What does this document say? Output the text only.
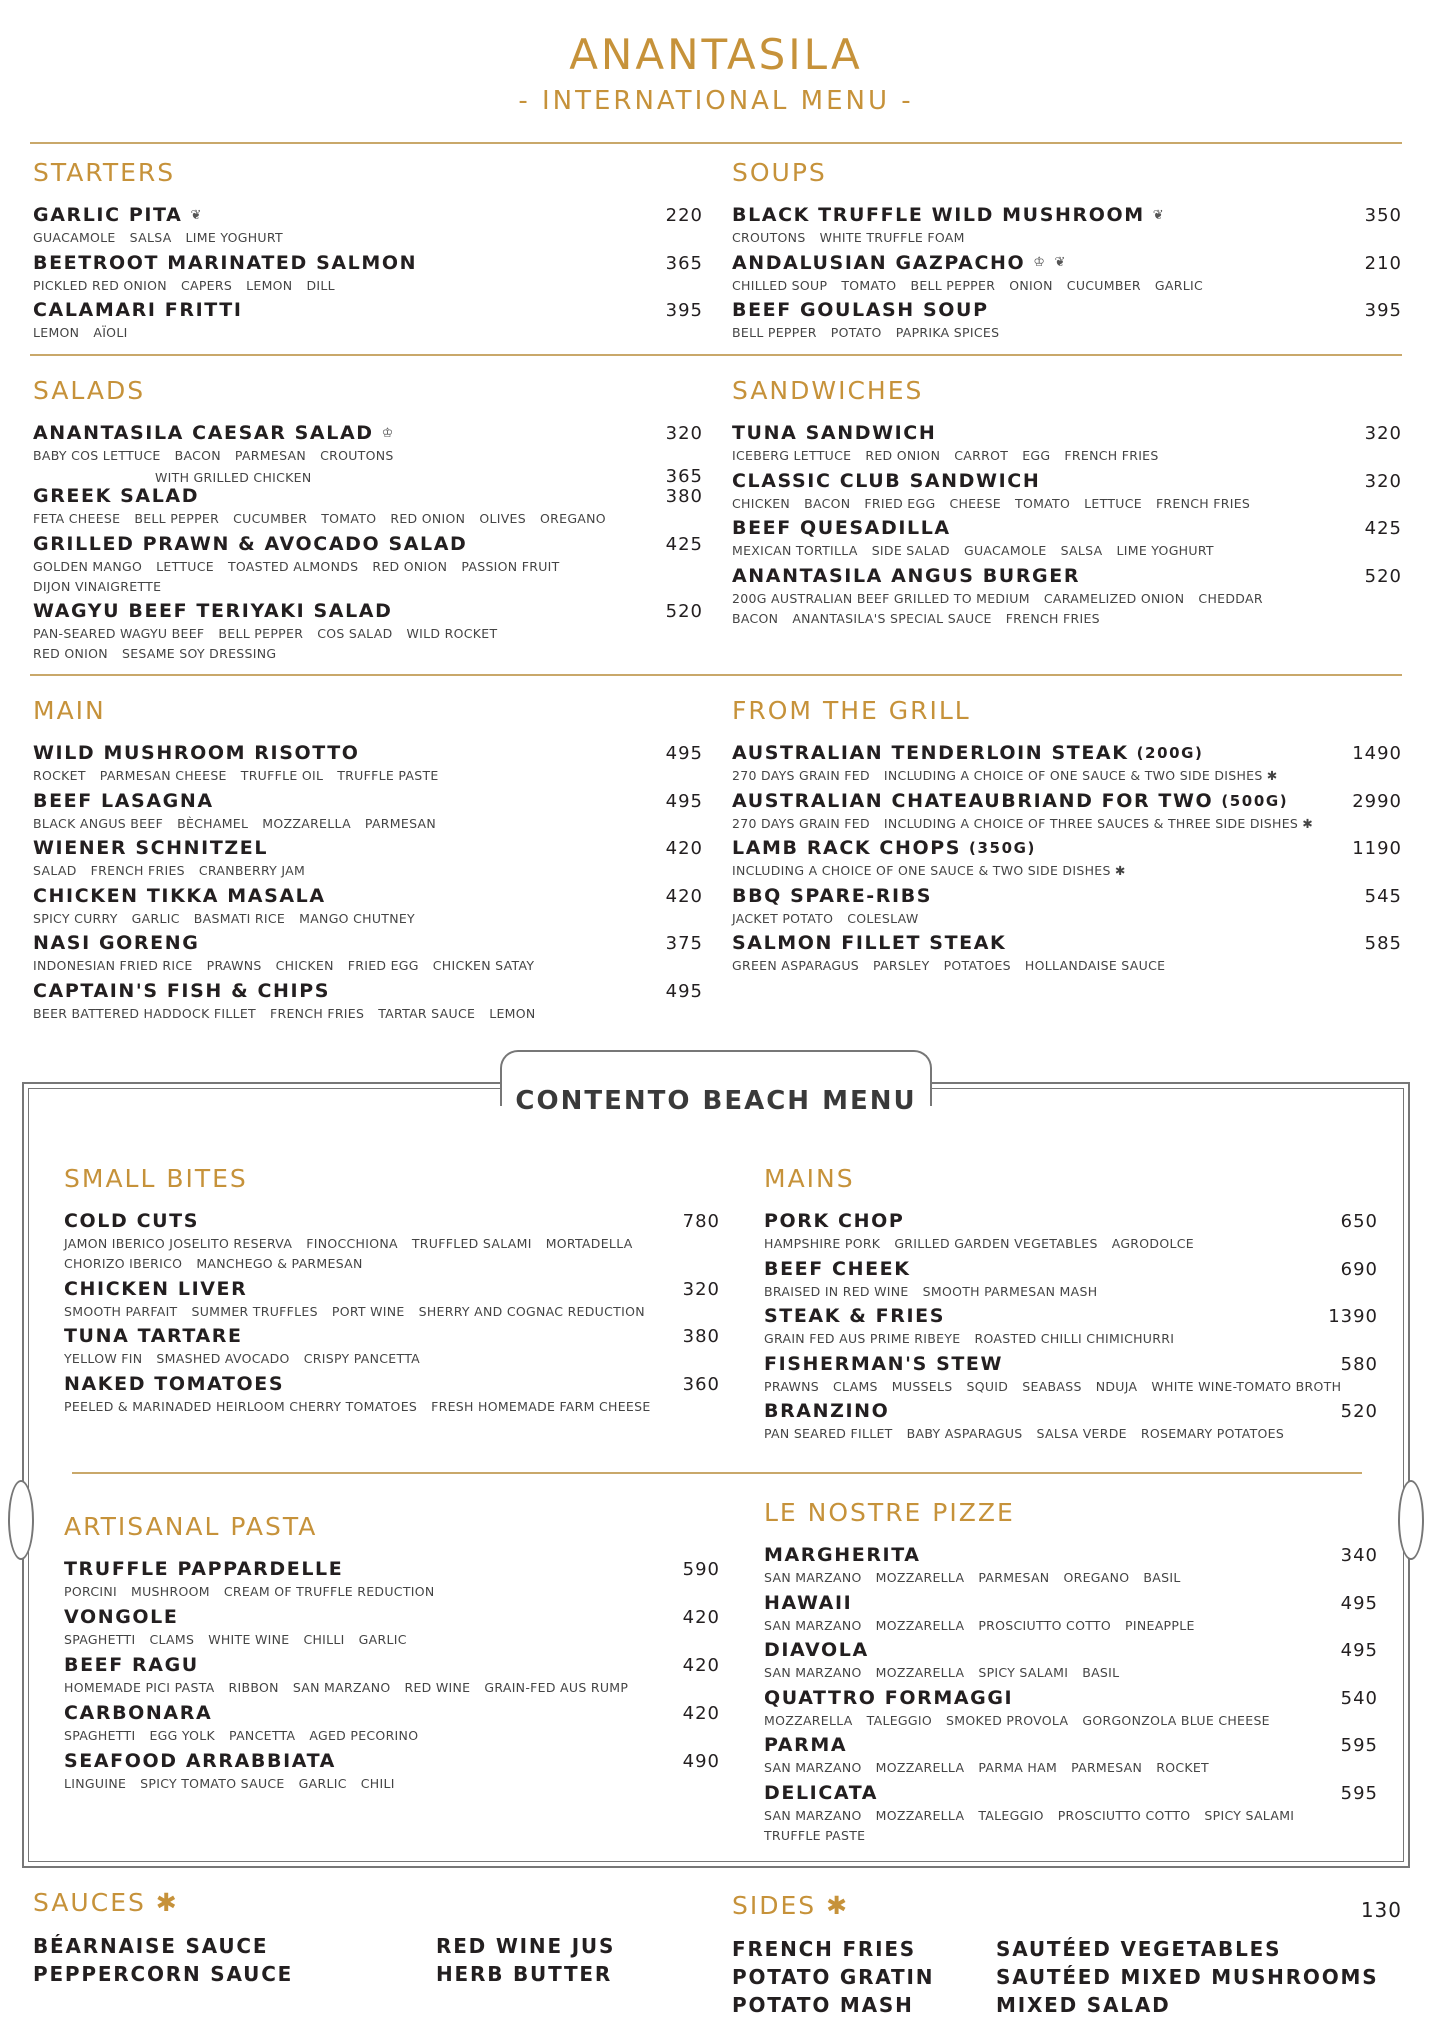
ANANTASILA
- INTERNATIONAL MENU -
STARTERS
GARLIC PITA ❦	220
GUACAMOLE SALSA LIME YOGHURT
BEETROOT MARINATED SALMON	365
PICKLED RED ONION CAPERS LEMON DILL
CALAMARI FRITTI	395
LEMON AÏOLI
SOUPS
BLACK TRUFFLE WILD MUSHROOM ❦	350
CROUTONS WHITE TRUFFLE FOAM
ANDALUSIAN GAZPACHO ♔ ❦	210
CHILLED SOUP TOMATO BELL PEPPER ONION CUCUMBER GARLIC
BEEF GOULASH SOUP	395
BELL PEPPER POTATO PAPRIKA SPICES
SALADS
ANANTASILA CAESAR SALAD ♔	320
BABY COS LETTUCE BACON PARMESAN CROUTONS
WITH GRILLED CHICKEN	365
GREEK SALAD	380
FETA CHEESE BELL PEPPER CUCUMBER TOMATO RED ONION OLIVES OREGANO
GRILLED PRAWN & AVOCADO SALAD	425
GOLDEN MANGO LETTUCE TOASTED ALMONDS RED ONION PASSION FRUIT
DIJON VINAIGRETTE
WAGYU BEEF TERIYAKI SALAD	520
PAN-SEARED WAGYU BEEF BELL PEPPER COS SALAD WILD ROCKET
RED ONION SESAME SOY DRESSING
SANDWICHES
TUNA SANDWICH	320
ICEBERG LETTUCE RED ONION CARROT EGG FRENCH FRIES
CLASSIC CLUB SANDWICH	320
CHICKEN BACON FRIED EGG CHEESE TOMATO LETTUCE FRENCH FRIES
BEEF QUESADILLA	425
MEXICAN TORTILLA SIDE SALAD GUACAMOLE SALSA LIME YOGHURT
ANANTASILA ANGUS BURGER	520
200G AUSTRALIAN BEEF GRILLED TO MEDIUM CARAMELIZED ONION CHEDDAR
BACON ANANTASILA'S SPECIAL SAUCE FRENCH FRIES
MAIN
WILD MUSHROOM RISOTTO	495
ROCKET PARMESAN CHEESE TRUFFLE OIL TRUFFLE PASTE
BEEF LASAGNA	495
BLACK ANGUS BEEF BÈCHAMEL MOZZARELLA PARMESAN
WIENER SCHNITZEL	420
SALAD FRENCH FRIES CRANBERRY JAM
CHICKEN TIKKA MASALA	420
SPICY CURRY GARLIC BASMATI RICE MANGO CHUTNEY
NASI GORENG	375
INDONESIAN FRIED RICE PRAWNS CHICKEN FRIED EGG CHICKEN SATAY
CAPTAIN'S FISH & CHIPS	495
BEER BATTERED HADDOCK FILLET FRENCH FRIES TARTAR SAUCE LEMON
FROM THE GRILL
AUSTRALIAN TENDERLOIN STEAK (200G)	1490
270 DAYS GRAIN FED INCLUDING A CHOICE OF ONE SAUCE & TWO SIDE DISHES ✱
AUSTRALIAN CHATEAUBRIAND FOR TWO (500G)	2990
270 DAYS GRAIN FED INCLUDING A CHOICE OF THREE SAUCES & THREE SIDE DISHES ✱
LAMB RACK CHOPS (350G)	1190
INCLUDING A CHOICE OF ONE SAUCE & TWO SIDE DISHES ✱
BBQ SPARE-RIBS	545
JACKET POTATO COLESLAW
SALMON FILLET STEAK	585
GREEN ASPARAGUS PARSLEY POTATOES HOLLANDAISE SAUCE
CONTENTO BEACH MENU
SMALL BITES
COLD CUTS	780
JAMON IBERICO JOSELITO RESERVA FINOCCHIONA TRUFFLED SALAMI MORTADELLA
CHORIZO IBERICO MANCHEGO & PARMESAN
CHICKEN LIVER	320
SMOOTH PARFAIT SUMMER TRUFFLES PORT WINE SHERRY AND COGNAC REDUCTION
TUNA TARTARE	380
YELLOW FIN SMASHED AVOCADO CRISPY PANCETTA
NAKED TOMATOES	360
PEELED & MARINADED HEIRLOOM CHERRY TOMATOES FRESH HOMEMADE FARM CHEESE
MAINS
PORK CHOP	650
HAMPSHIRE PORK GRILLED GARDEN VEGETABLES AGRODOLCE
BEEF CHEEK	690
BRAISED IN RED WINE SMOOTH PARMESAN MASH
STEAK & FRIES	1390
GRAIN FED AUS PRIME RIBEYE ROASTED CHILLI CHIMICHURRI
FISHERMAN'S STEW	580
PRAWNS CLAMS MUSSELS SQUID SEABASS NDUJA WHITE WINE-TOMATO BROTH
BRANZINO	520
PAN SEARED FILLET BABY ASPARAGUS SALSA VERDE ROSEMARY POTATOES
ARTISANAL PASTA
TRUFFLE PAPPARDELLE	590
PORCINI MUSHROOM CREAM OF TRUFFLE REDUCTION
VONGOLE	420
SPAGHETTI CLAMS WHITE WINE CHILLI GARLIC
BEEF RAGU	420
HOMEMADE PICI PASTA RIBBON SAN MARZANO RED WINE GRAIN-FED AUS RUMP
CARBONARA	420
SPAGHETTI EGG YOLK PANCETTA AGED PECORINO
SEAFOOD ARRABBIATA	490
LINGUINE SPICY TOMATO SAUCE GARLIC CHILI
LE NOSTRE PIZZE
MARGHERITA	340
SAN MARZANO MOZZARELLA PARMESAN OREGANO BASIL
HAWAII	495
SAN MARZANO MOZZARELLA PROSCIUTTO COTTO PINEAPPLE
DIAVOLA	495
SAN MARZANO MOZZARELLA SPICY SALAMI BASIL
QUATTRO FORMAGGI	540
MOZZARELLA TALEGGIO SMOKED PROVOLA GORGONZOLA BLUE CHEESE
PARMA	595
SAN MARZANO MOZZARELLA PARMA HAM PARMESAN ROCKET
DELICATA	595
SAN MARZANO MOZZARELLA TALEGGIO PROSCIUTTO COTTO SPICY SALAMI
TRUFFLE PASTE
SAUCES ✱
BÉARNAISE SAUCE
PEPPERCORN SAUCE
RED WINE JUS
HERB BUTTER
SIDES ✱	130
FRENCH FRIES
POTATO GRATIN
POTATO MASH
SAUTÉED VEGETABLES
SAUTÉED MIXED MUSHROOMS
MIXED SALAD
